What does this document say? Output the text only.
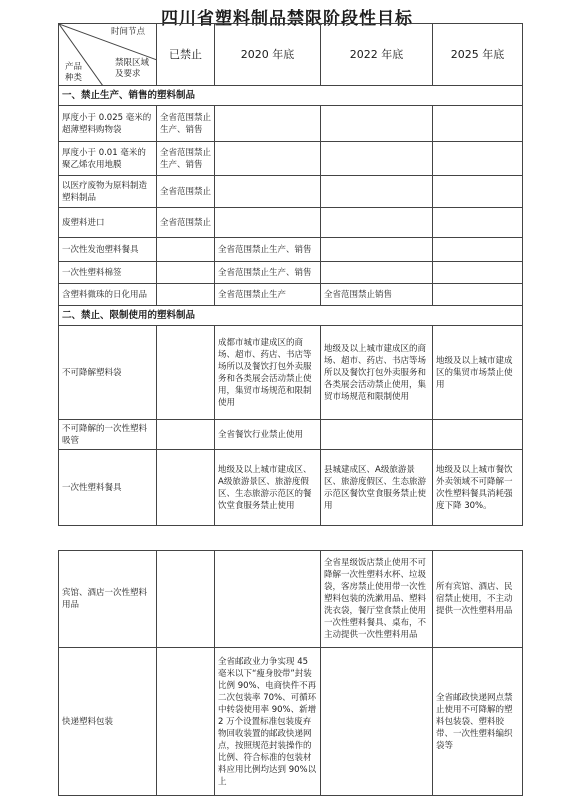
四川省塑料制品禁限阶段性目标
时间节点
禁限区域
及要求
产品
种类	已禁止	2020 年底	2022 年底	2025 年底
一、禁止生产、销售的塑料制品				
厚度小于 0.025 毫米的超薄塑料购物袋	全省范围禁止生产、销售			
厚度小于 0.01 毫米的聚乙烯农用地膜	全省范围禁止生产、销售			
以医疗废物为原料制造塑料制品	全省范围禁止			
废塑料进口	全省范围禁止			
一次性发泡塑料餐具		全省范围禁止生产、销售		
一次性塑料棉签		全省范围禁止生产、销售		
含塑料微珠的日化用品		全省范围禁止生产	全省范围禁止销售	
二、禁止、限制使用的塑料制品				
不可降解塑料袋		成都市城市建成区的商场、超市、药店、书店等场所以及餐饮打包外卖服务和各类展会活动禁止使用，集贸市场规范和限制使用	地级及以上城市建成区的商场、超市、药店、书店等场所以及餐饮打包外卖服务和各类展会活动禁止使用，集贸市场规范和限制使用	地级及以上城市建成区的集贸市场禁止使用
不可降解的一次性塑料吸管		全省餐饮行业禁止使用		
一次性塑料餐具		地级及以上城市建成区、A级旅游景区、旅游度假区、生态旅游示范区的餐饮堂食服务禁止使用	县城建成区、A级旅游景区、旅游度假区、生态旅游示范区餐饮堂食服务禁止使用	地级及以上城市餐饮外卖领域不可降解一次性塑料餐具消耗强度下降 30%。
宾馆、酒店一次性塑料用品			全省星级饭店禁止使用不可降解一次性塑料水杯、垃圾袋，客房禁止使用带一次性塑料包装的洗漱用品、塑料洗衣袋，餐厅堂食禁止使用一次性塑料餐具、桌布，不主动提供一次性塑料用品	所有宾馆、酒店、民宿禁止使用，不主动提供一次性塑料用品
快递塑料包装		全省邮政业力争实现 45 毫米以下“瘦身胶带”封装比例 90%、电商快件不再二次包装率 70%、可循环中转袋使用率 90%、新增 2 万个设置标准包装废弃物回收装置的邮政快递网点，按照规范封装操作的比例、符合标准的包装材料应用比例均达到 90%以上		全省邮政快递网点禁止使用不可降解的塑料包装袋、塑料胶带、一次性塑料编织袋等
